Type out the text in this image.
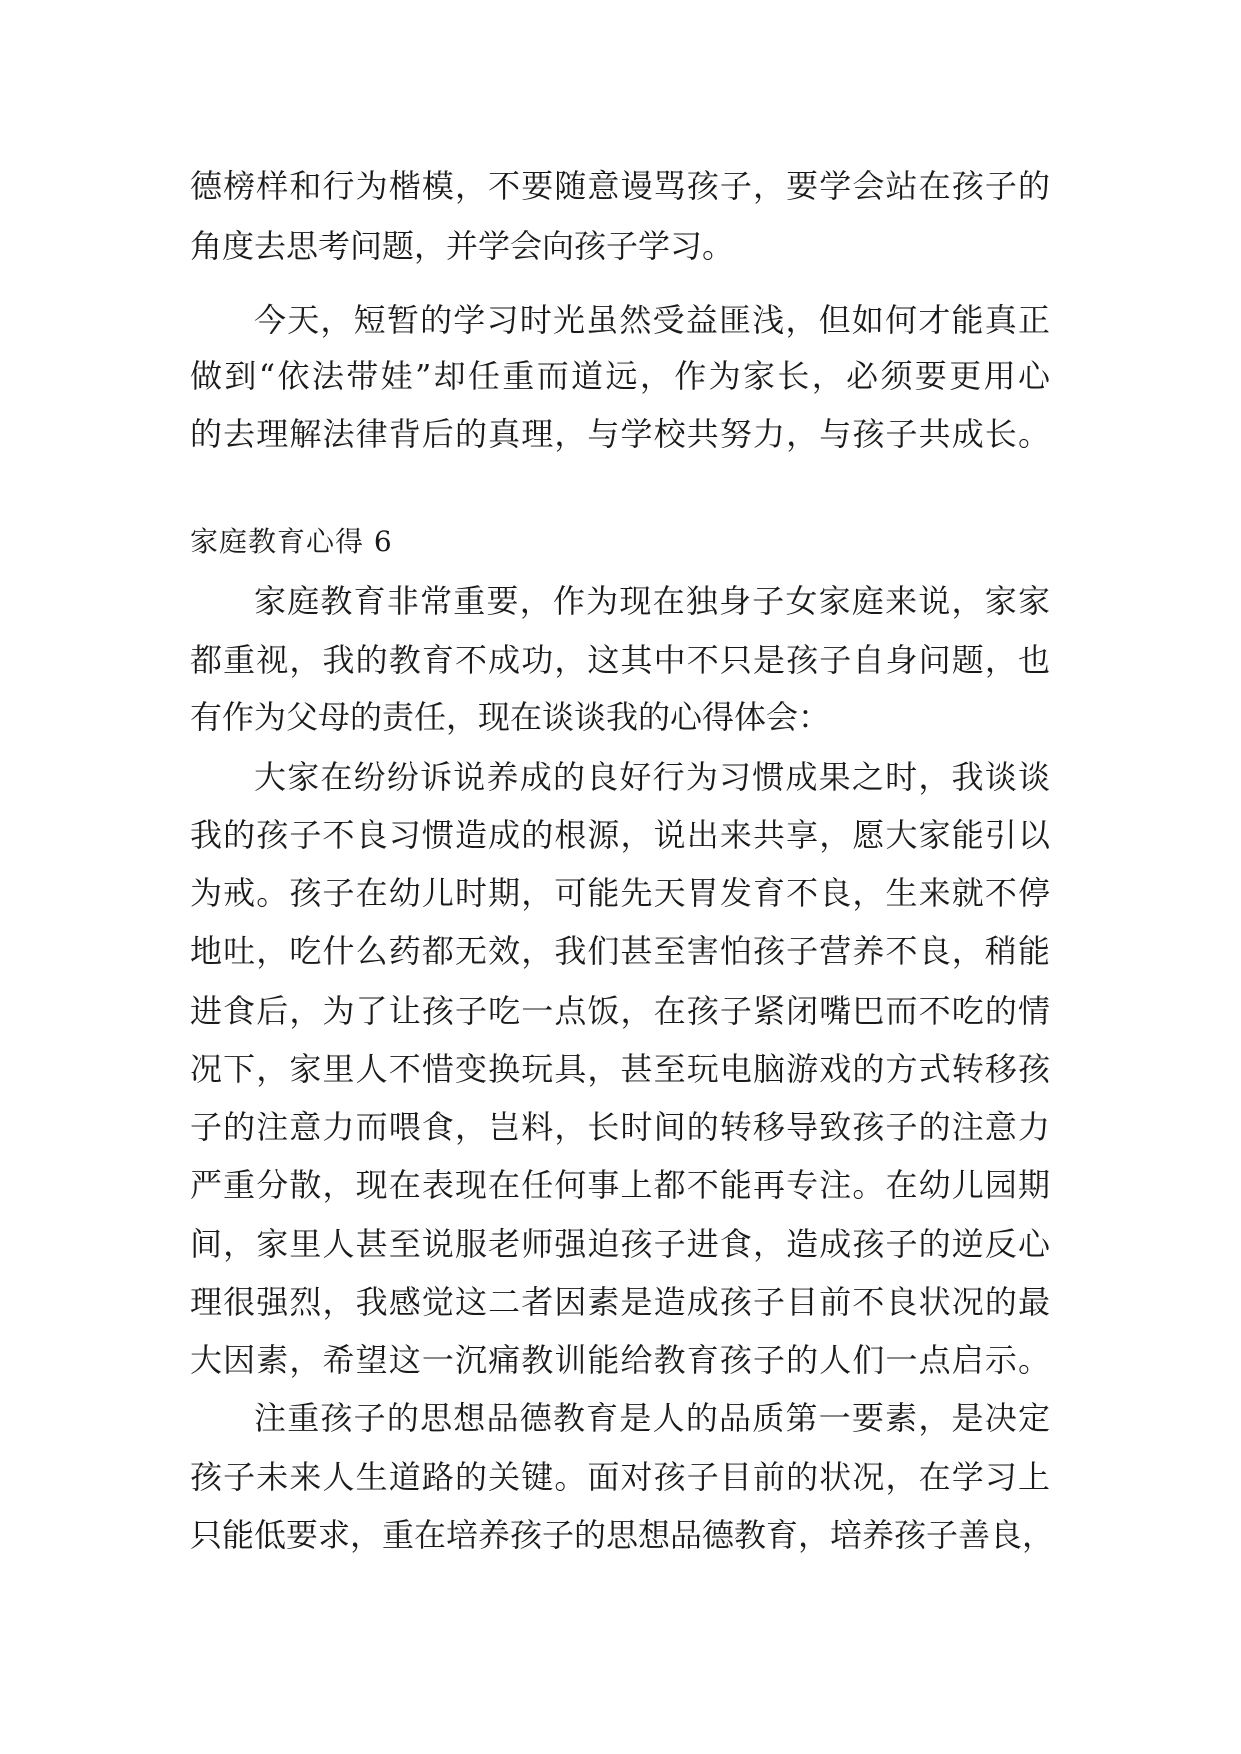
德榜样和行为楷模，不要随意谩骂孩子，要学会站在孩子的
角度去思考问题，并学会向孩子学习。
今天，短暂的学习时光虽然受益匪浅，但如何才能真正
做到“依法带娃”却任重而道远，作为家长，必须要更用心
的去理解法律背后的真理，与学校共努力，与孩子共成长。
家庭教育心得 6
家庭教育非常重要，作为现在独身子女家庭来说，家家
都重视，我的教育不成功，这其中不只是孩子自身问题，也
有作为父母的责任，现在谈谈我的心得体会：
大家在纷纷诉说养成的良好行为习惯成果之时，我谈谈
我的孩子不良习惯造成的根源，说出来共享，愿大家能引以
为戒。孩子在幼儿时期，可能先天胃发育不良，生来就不停
地吐，吃什么药都无效，我们甚至害怕孩子营养不良，稍能
进食后，为了让孩子吃一点饭，在孩子紧闭嘴巴而不吃的情
况下，家里人不惜变换玩具，甚至玩电脑游戏的方式转移孩
子的注意力而喂食，岂料，长时间的转移导致孩子的注意力
严重分散，现在表现在任何事上都不能再专注。在幼儿园期
间，家里人甚至说服老师强迫孩子进食，造成孩子的逆反心
理很强烈，我感觉这二者因素是造成孩子目前不良状况的最
大因素，希望这一沉痛教训能给教育孩子的人们一点启示。
注重孩子的思想品德教育是人的品质第一要素，是决定
孩子未来人生道路的关键。面对孩子目前的状况，在学习上
只能低要求，重在培养孩子的思想品德教育，培养孩子善良，
